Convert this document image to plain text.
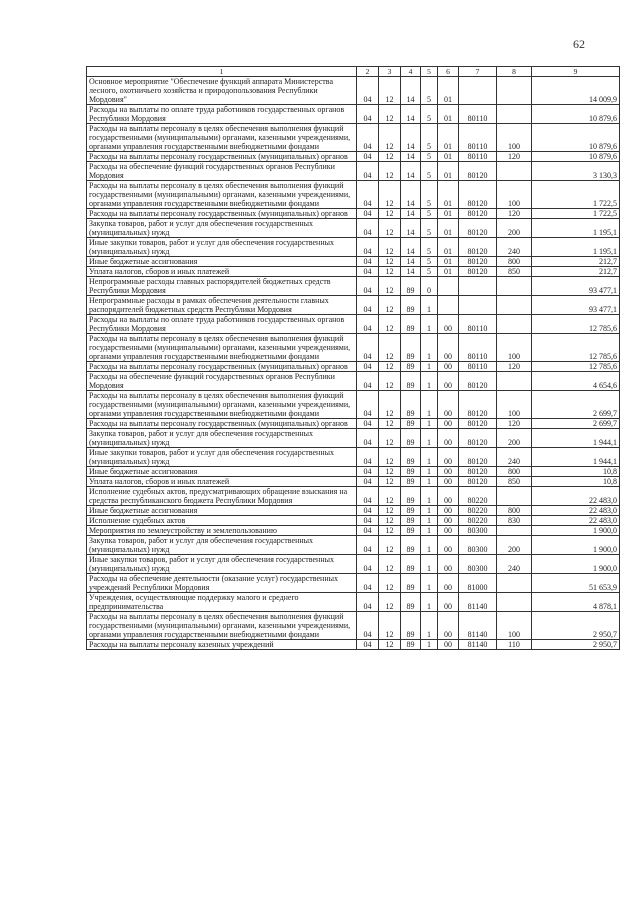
62
1	2	3	4	5	6	7	8	9
Основное мероприятие "Обеспечение функций аппарата Министерства лесного, охотничьего хозяйства и природопользования Республики Мордовия"	04	12	14	5	01			14 009,9
Расходы на выплаты по оплате труда работников государственных органов Республики Мордовия	04	12	14	5	01	80110		10 879,6
Расходы на выплаты персоналу в целях обеспечения выполнения функций государственными (муниципальными) органами, казенными учреждениями, органами управления государственными внебюджетными фондами	04	12	14	5	01	80110	100	10 879,6
Расходы на выплаты персоналу государственных (муниципальных) органов	04	12	14	5	01	80110	120	10 879,6
Расходы на обеспечение функций государственных органов Республики Мордовия	04	12	14	5	01	80120		3 130,3
Расходы на выплаты персоналу в целях обеспечения выполнения функций государственными (муниципальными) органами, казенными учреждениями, органами управления государственными внебюджетными фондами	04	12	14	5	01	80120	100	1 722,5
Расходы на выплаты персоналу государственных (муниципальных) органов	04	12	14	5	01	80120	120	1 722,5
Закупка товаров, работ и услуг для обеспечения государственных (муниципальных) нужд	04	12	14	5	01	80120	200	1 195,1
Иные закупки товаров, работ и услуг для обеспечения государственных (муниципальных) нужд	04	12	14	5	01	80120	240	1 195,1
Иные бюджетные ассигнования	04	12	14	5	01	80120	800	212,7
Уплата налогов, сборов и иных платежей	04	12	14	5	01	80120	850	212,7
Непрограммные расходы главных распорядителей бюджетных средств Республики Мордовия	04	12	89	0				93 477,1
Непрограммные расходы в рамках обеспечения деятельности главных распорядителей бюджетных средств Республики Мордовия	04	12	89	1				93 477,1
Расходы на выплаты по оплате труда работников государственных органов Республики Мордовия	04	12	89	1	00	80110		12 785,6
Расходы на выплаты персоналу в целях обеспечения выполнения функций государственными (муниципальными) органами, казенными учреждениями, органами управления государственными внебюджетными фондами	04	12	89	1	00	80110	100	12 785,6
Расходы на выплаты персоналу государственных (муниципальных) органов	04	12	89	1	00	80110	120	12 785,6
Расходы на обеспечение функций государственных органов Республики Мордовия	04	12	89	1	00	80120		4 654,6
Расходы на выплаты персоналу в целях обеспечения выполнения функций государственными (муниципальными) органами, казенными учреждениями, органами управления государственными внебюджетными фондами	04	12	89	1	00	80120	100	2 699,7
Расходы на выплаты персоналу государственных (муниципальных) органов	04	12	89	1	00	80120	120	2 699,7
Закупка товаров, работ и услуг для обеспечения государственных (муниципальных) нужд	04	12	89	1	00	80120	200	1 944,1
Иные закупки товаров, работ и услуг для обеспечения государственных (муниципальных) нужд	04	12	89	1	00	80120	240	1 944,1
Иные бюджетные ассигнования	04	12	89	1	00	80120	800	10,8
Уплата налогов, сборов и иных платежей	04	12	89	1	00	80120	850	10,8
Исполнение судебных актов, предусматривающих обращение взыскания на средства республиканского бюджета Республики Мордовия	04	12	89	1	00	80220		22 483,0
Иные бюджетные ассигнования	04	12	89	1	00	80220	800	22 483,0
Исполнение судебных актов	04	12	89	1	00	80220	830	22 483,0
Мероприятия по землеустройству и землепользованию	04	12	89	1	00	80300		1 900,0
Закупка товаров, работ и услуг для обеспечения государственных (муниципальных) нужд	04	12	89	1	00	80300	200	1 900,0
Иные закупки товаров, работ и услуг для обеспечения государственных (муниципальных) нужд	04	12	89	1	00	80300	240	1 900,0
Расходы на обеспечение деятельности (оказание услуг) государственных учреждений Республики Мордовия	04	12	89	1	00	81000		51 653,9
Учреждения, осуществляющие поддержку малого и среднего предпринимательства	04	12	89	1	00	81140		4 878,1
Расходы на выплаты персоналу в целях обеспечения выполнения функций государственными (муниципальными) органами, казенными учреждениями, органами управления государственными внебюджетными фондами	04	12	89	1	00	81140	100	2 950,7
Расходы на выплаты персоналу казенных учреждений	04	12	89	1	00	81140	110	2 950,7
